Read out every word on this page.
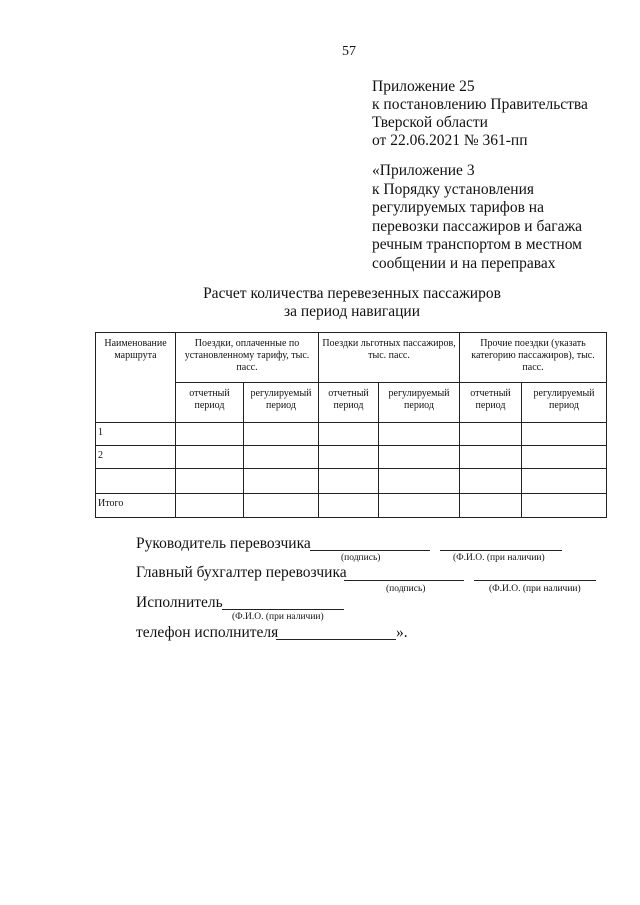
57
Приложение 25
к постановлению Правительства
Тверской области
от 22.06.2021 № 361-пп
«Приложение 3
к Порядку установления
регулируемых тарифов на
перевозки пассажиров и багажа
речным транспортом в местном
сообщении и на переправах
Расчет количества перевезенных пассажиров
за период навигации
Наименование маршрута	Поездки, оплаченные по установленному тарифу, тыс. пасс.		Поездки льготных пассажиров, тыс. пасс.		Прочие поездки (указать категорию пассажиров), тыс. пасс.	
	отчетный период	регулируемый период	отчетный период	регулируемый период	отчетный период	регулируемый период
1						
2						

Итого						
Руководитель перевозчика
(подпись)	(Ф.И.О. (при наличии)
Главный бухгалтер перевозчика
(подпись)	(Ф.И.О. (при наличии)
Исполнитель
(Ф.И.О. (при наличии)
телефон исполнителя	».
